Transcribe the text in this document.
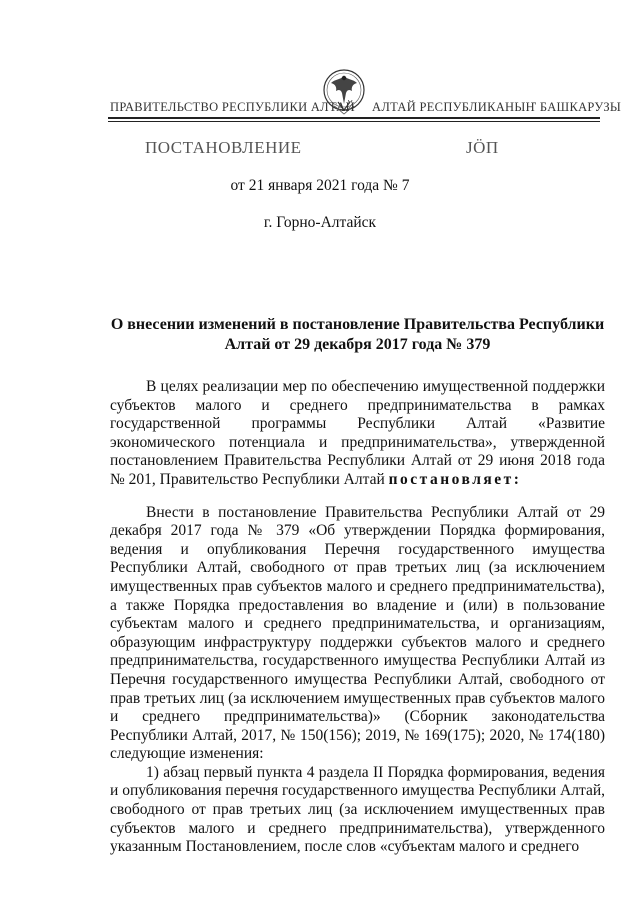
ПРАВИТЕЛЬСТВО РЕСПУБЛИКИ АЛТАЙ АЛТАЙ РЕСПУБЛИКАНЫҤ БАШКАРУЗЫ
ПОСТАНОВЛЕНИЕ	JÖП
от 21 января 2021 года № 7
г. Горно-Алтайск
О внесении изменений в постановление Правительства Республики Алтай от 29 декабря 2017 года № 379

В целях реализации мер по обеспечению имущественной поддержки субъектов малого и среднего предпринимательства в рамках государственной программы Республики Алтай «Развитие экономического потенциала и предпринимательства», утвержденной постановлением Правительства Республики Алтай от 29 июня 2018 года № 201, Правительство Республики Алтай постановляет:

Внести в постановление Правительства Республики Алтай от 29 декабря 2017 года № 379 «Об утверждении Порядка формирования, ведения и опубликования Перечня государственного имущества Республики Алтай, свободного от прав третьих лиц (за исключением имущественных прав субъектов малого и среднего предпринимательства), а также Порядка предоставления во владение и (или) в пользование субъектам малого и среднего предпринимательства, и организациям, образующим инфраструктуру поддержки субъектов малого и среднего предпринимательства, государственного имущества Республики Алтай из Перечня государственного имущества Республики Алтай, свободного от прав третьих лиц (за исключением имущественных прав субъектов малого и среднего предпринимательства)» (Сборник законодательства Республики Алтай, 2017, № 150(156); 2019, № 169(175); 2020, № 174(180) следующие изменения:

1) абзац первый пункта 4 раздела II Порядка формирования, ведения и опубликования перечня государственного имущества Республики Алтай, свободного от прав третьих лиц (за исключением имущественных прав субъектов малого и среднего предпринимательства), утвержденного указанным Постановлением, после слов «субъектам малого и среднего
